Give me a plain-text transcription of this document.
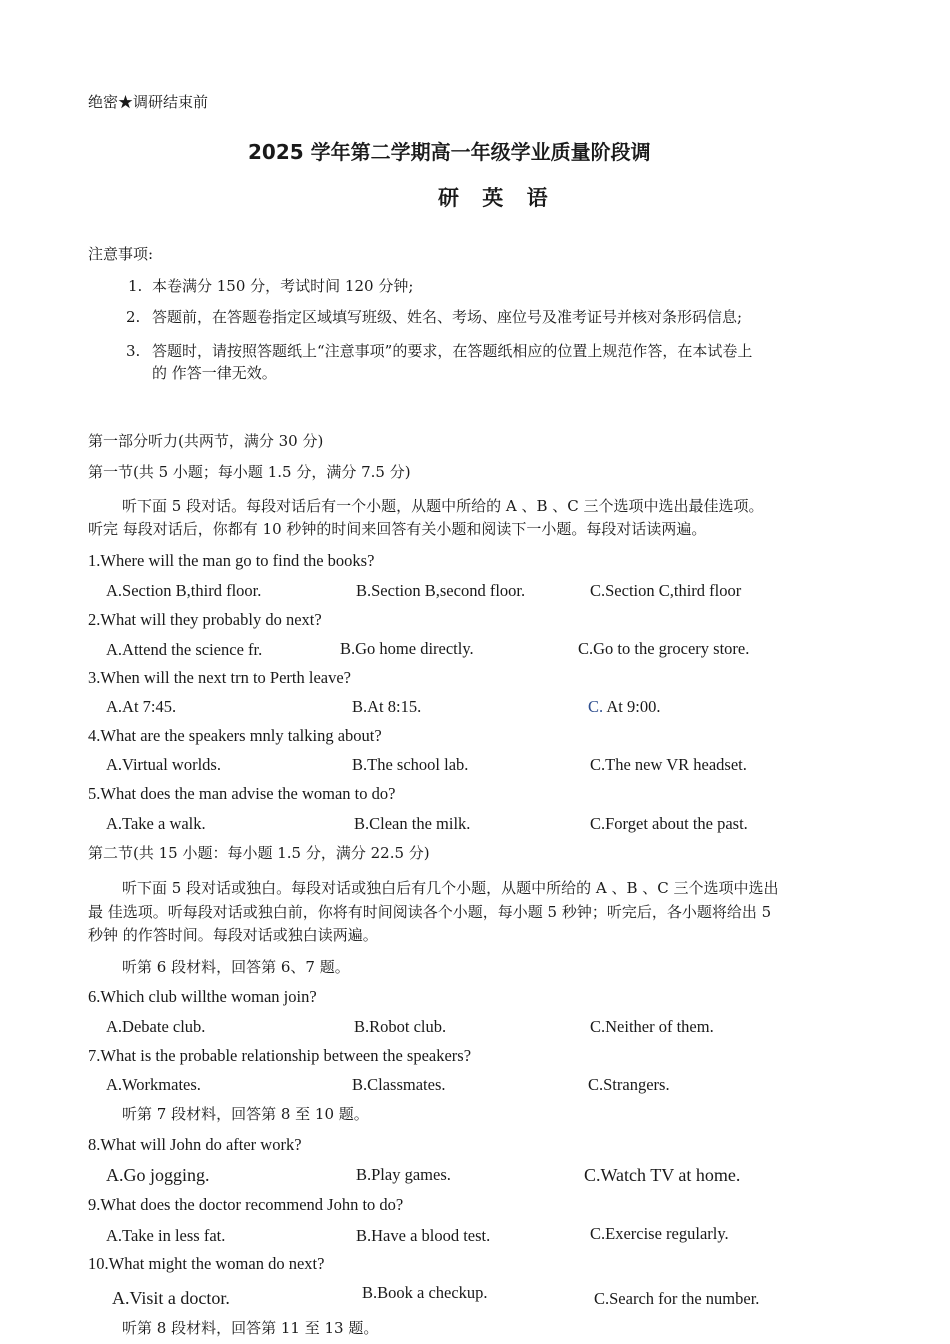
绝密★调研结束前
2025 学年第二学期高一年级学业质量阶段调
研 英 语
注意事项:
1. 本卷满分 150 分，考试时间 120 分钟;
2. 答题前，在答题卷指定区域填写班级、姓名、考场、座位号及准考证号并核对条形码信息;
3. 答题时，请按照答题纸上“注意事项”的要求，在答题纸相应的位置上规范作答，在本试卷上
的 作答一律无效。
第一部分听力(共两节，满分 30 分)
第一节(共 5 小题；每小题 1.5 分，满分 7.5 分)
听下面 5 段对话。每段对话后有一个小题，从题中所给的 A 、B 、C 三个选项中选出最佳选项。
听完 每段对话后，你都有 10 秒钟的时间来回答有关小题和阅读下一小题。每段对话读两遍。
1.Where will the man go to find the books?
A.Section B,third floor.	B.Section B,second floor.	C.Section C,third floor
2.What will they probably do next?
A.Attend the science fr.	B.Go home directly.	C.Go to the grocery store.
3.When will the next trn to Perth leave?
A.At 7:45.	B.At 8:15.	C. At 9:00.
4.What are the speakers mnly talking about?
A.Virtual worlds.	B.The school lab.	C.The new VR headset.
5.What does the man advise the woman to do?
A.Take a walk.	B.Clean the milk.	C.Forget about the past.
第二节(共 15 小题：每小题 1.5 分，满分 22.5 分)
听下面 5 段对话或独白。每段对话或独白后有几个小题，从题中所给的 A 、B 、C 三个选项中选出
最 佳选项。听每段对话或独白前，你将有时间阅读各个小题，每小题 5 秒钟；听完后，各小题将给出 5
秒钟 的作答时间。每段对话或独白读两遍。
听第 6 段材料，回答第 6、7 题。
6.Which club willthe woman join?
A.Debate club.	B.Robot club.	C.Neither of them.
7.What is the probable relationship between the speakers?
A.Workmates.	B.Classmates.	C.Strangers.
听第 7 段材料，回答第 8 至 10 题。
8.What will John do after work?
A.Go jogging.	B.Play games.	C.Watch TV at home.
9.What does the doctor recommend John to do?
A.Take in less fat.	B.Have a blood test.	C.Exercise regularly.
10.What might the woman do next?
A.Visit a doctor.	B.Book a checkup.	C.Search for the number.
听第 8 段材料，回答第 11 至 13 题。
